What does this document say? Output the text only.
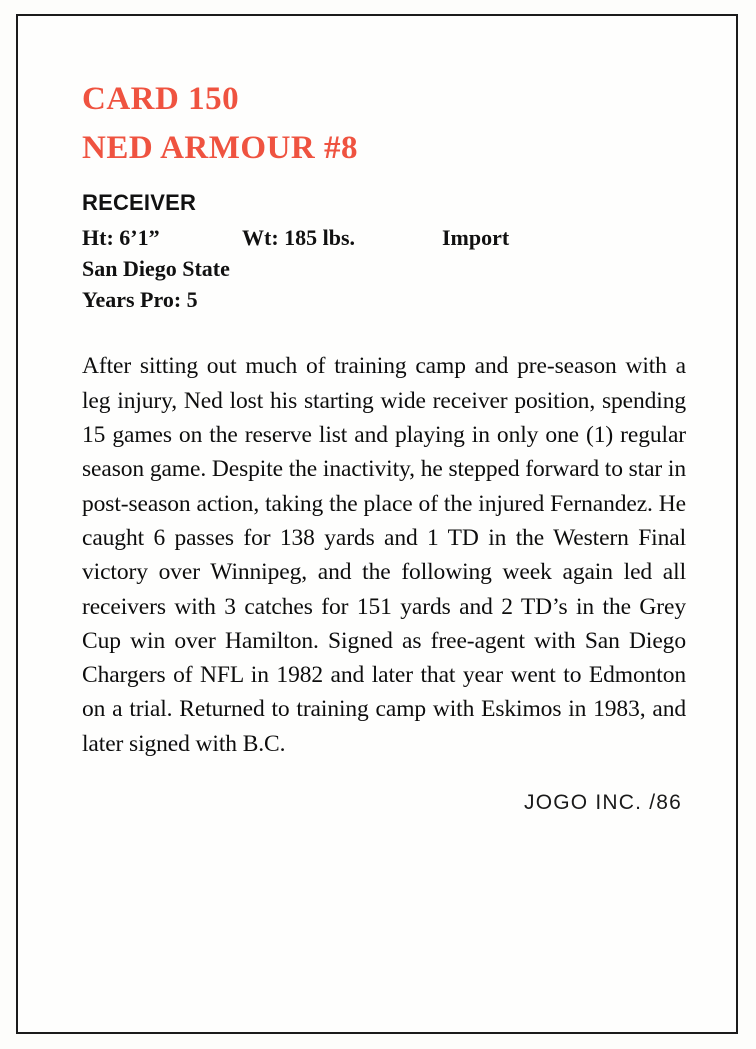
CARD 150
NED ARMOUR #8
RECEIVER
Ht: 6’1”	Wt: 185 lbs.	Import
San Diego State
Years Pro: 5
After sitting out much of training camp and pre-season with a leg injury, Ned lost his starting wide receiver position, spending 15 games on the reserve list and playing in only one (1) regular season game. Despite the inactivity, he stepped forward to star in post-season action, taking the place of the injured Fernandez. He caught 6 passes for 138 yards and 1 TD in the Western Final victory over Winnipeg, and the following week again led all receivers with 3 catches for 151 yards and 2 TD’s in the Grey Cup win over Hamilton. Signed as free-agent with San Diego Chargers of NFL in 1982 and later that year went to Edmonton on a trial. Returned to training camp with Eskimos in 1983, and later signed with B.C.
JOGO INC. /86
